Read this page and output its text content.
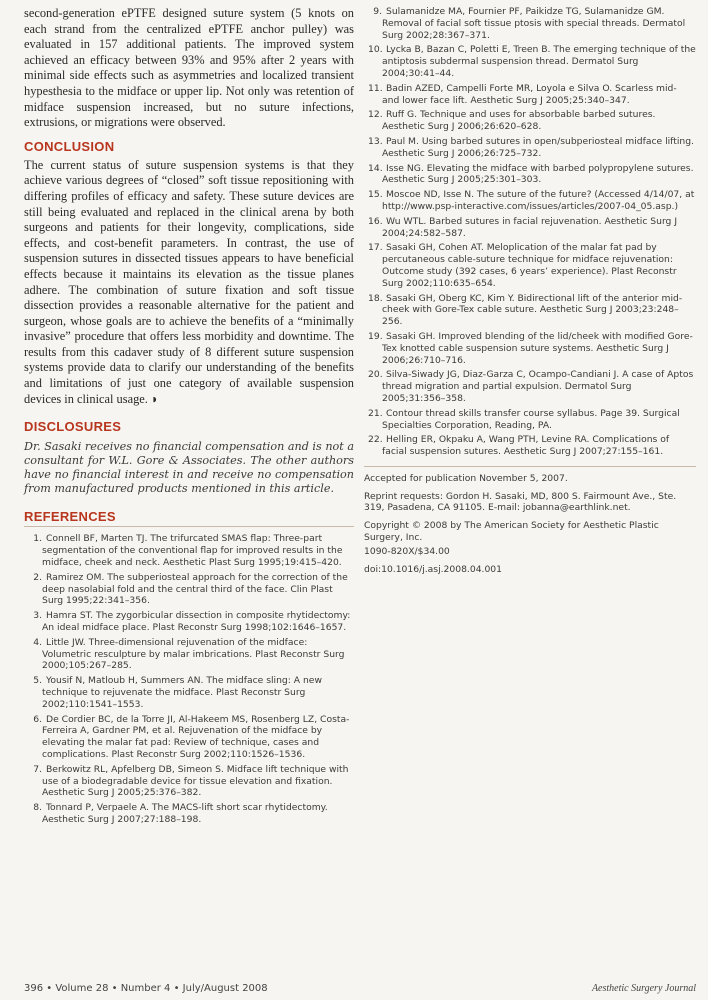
second-generation ePTFE designed suture system (5 knots on each strand from the centralized ePTFE anchor pulley) was evaluated in 157 additional patients. The improved system achieved an efficacy between 93% and 95% after 2 years with minimal side effects such as asymmetries and localized transient hypesthesia to the midface or upper lip. Not only was retention of midface suspension increased, but no suture infections, extrusions, or migrations were observed.

CONCLUSION

The current status of suture suspension systems is that they achieve various degrees of “closed” soft tissue repositioning with differing profiles of efficacy and safety. These suture devices are still being evaluated and replaced in the clinical arena by both surgeons and patients for their longevity, complications, side effects, and cost-benefit parameters. In contrast, the use of suspension sutures in dissected tissues appears to have beneficial effects because it maintains its elevation as the tissue planes adhere. The combination of suture fixation and soft tissue dissection provides a reasonable alternative for the patient and surgeon, whose goals are to achieve the benefits of a “minimally invasive” procedure that offers less morbidity and downtime. The results from this cadaver study of 8 different suture suspension systems provide data to clarify our understanding of the benefits and limitations of just one category of available suspension devices in clinical usage. ◗

DISCLOSURES

Dr. Sasaki receives no financial compensation and is not a consultant for W.L. Gore & Associates. The other authors have no financial interest in and receive no compensation from manufactured products mentioned in this article.

REFERENCES
1. Connell BF, Marten TJ. The trifurcated SMAS flap: Three-part segmentation of the conventional flap for improved results in the midface, cheek and neck. Aesthetic Plast Surg 1995;19:415–420.
2. Ramirez OM. The subperiosteal approach for the correction of the deep nasolabial fold and the central third of the face. Clin Plast Surg 1995;22:341–356.
3. Hamra ST. The zygorbicular dissection in composite rhytidectomy: An ideal midface place. Plast Reconstr Surg 1998;102:1646–1657.
4. Little JW. Three-dimensional rejuvenation of the midface: Volumetric resculpture by malar imbrications. Plast Reconstr Surg 2000;105:267–285.
5. Yousif N, Matloub H, Summers AN. The midface sling: A new technique to rejuvenate the midface. Plast Reconstr Surg 2002;110:1541–1553.
6. De Cordier BC, de la Torre JI, Al-Hakeem MS, Rosenberg LZ, Costa-Ferreira A, Gardner PM, et al. Rejuvenation of the midface by elevating the malar fat pad: Review of technique, cases and complications. Plast Reconstr Surg 2002;110:1526–1536.
7. Berkowitz RL, Apfelberg DB, Simeon S. Midface lift technique with use of a biodegradable device for tissue elevation and fixation. Aesthetic Surg J 2005;25:376–382.
8. Tonnard P, Verpaele A. The MACS-lift short scar rhytidectomy. Aesthetic Surg J 2007;27:188–198.
9. Sulamanidze MA, Fournier PF, Paikidze TG, Sulamanidze GM. Removal of facial soft tissue ptosis with special threads. Dermatol Surg 2002;28:367–371.
10. Lycka B, Bazan C, Poletti E, Treen B. The emerging technique of the antiptosis subdermal suspension thread. Dermatol Surg 2004;30:41–44.
11. Badin AZED, Campelli Forte MR, Loyola e Silva O. Scarless mid- and lower face lift. Aesthetic Surg J 2005;25:340–347.
12. Ruff G. Technique and uses for absorbable barbed sutures. Aesthetic Surg J 2006;26:620–628.
13. Paul M. Using barbed sutures in open/subperiosteal midface lifting. Aesthetic Surg J 2006;26:725–732.
14. Isse NG. Elevating the midface with barbed polypropylene sutures. Aesthetic Surg J 2005;25:301–303.
15. Moscoe ND, Isse N. The suture of the future? (Accessed 4/14/07, at http://www.psp-interactive.com/issues/articles/2007-04_05.asp.)
16. Wu WTL. Barbed sutures in facial rejuvenation. Aesthetic Surg J 2004;24:582–587.
17. Sasaki GH, Cohen AT. Meloplication of the malar fat pad by percutaneous cable-suture technique for midface rejuvenation: Outcome study (392 cases, 6 years’ experience). Plast Reconstr Surg 2002;110:635–654.
18. Sasaki GH, Oberg KC, Kim Y. Bidirectional lift of the anterior mid-cheek with Gore-Tex cable suture. Aesthetic Surg J 2003;23:248–256.
19. Sasaki GH. Improved blending of the lid/cheek with modified Gore-Tex knotted cable suspension suture systems. Aesthetic Surg J 2006;26:710–716.
20. Silva-Siwady JG, Diaz-Garza C, Ocampo-Candiani J. A case of Aptos thread migration and partial expulsion. Dermatol Surg 2005;31:356–358.
21. Contour thread skills transfer course syllabus. Page 39. Surgical Specialties Corporation, Reading, PA.
22. Helling ER, Okpaku A, Wang PTH, Levine RA. Complications of facial suspension sutures. Aesthetic Surg J 2007;27:155–161.

Accepted for publication November 5, 2007.

Reprint requests: Gordon H. Sasaki, MD, 800 S. Fairmount Ave., Ste. 319, Pasadena, CA 91105. E-mail: jobanna@earthlink.net.

Copyright © 2008 by The American Society for Aesthetic Plastic Surgery, Inc.

1090-820X/$34.00

doi:10.1016/j.asj.2008.04.001

396 • Volume 28 • Number 4 • July/August 2008	Aesthetic Surgery Journal
